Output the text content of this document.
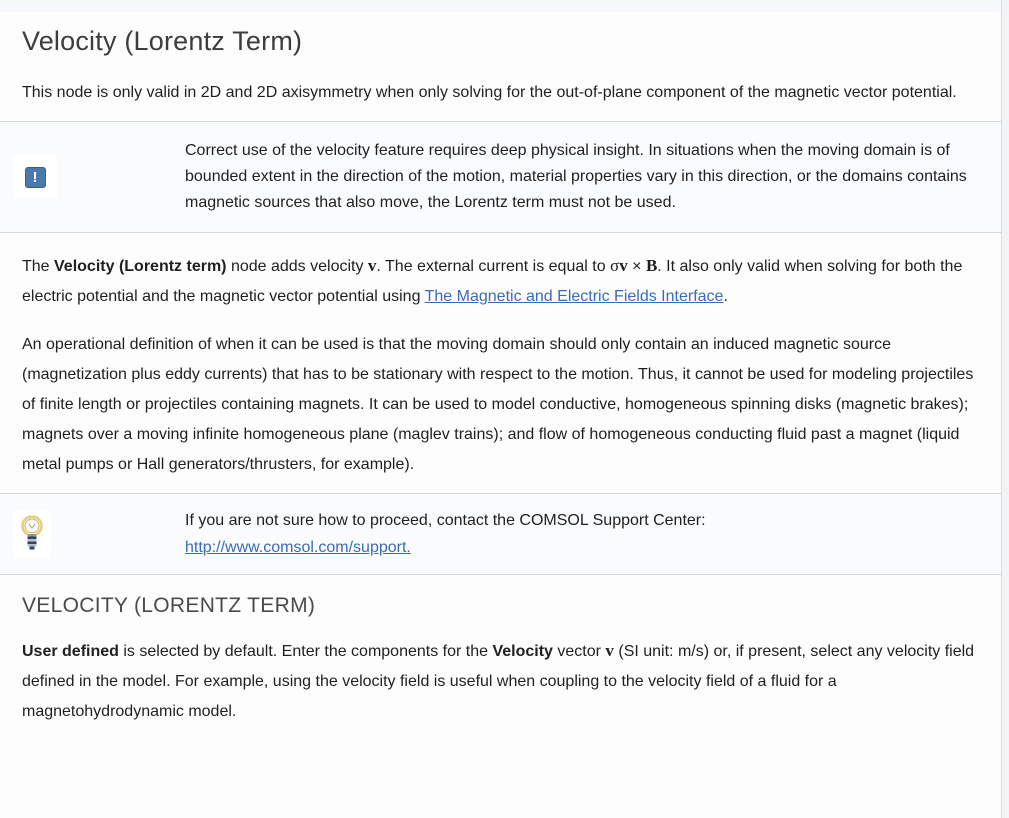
Velocity (Lorentz Term)

This node is only valid in 2D and 2D axisymmetry when only solving for the out-of-plane component of the magnetic vector potential.

!
Correct use of the velocity feature requires deep physical insight. In situations when the moving domain is of bounded extent in the direction of the motion, material properties vary in this direction, or the domains contains magnetic sources that also move, the Lorentz term must not be used.

The Velocity (Lorentz term) node adds velocity v. The external current is equal to σv × B. It also only valid when solving for both the electric potential and the magnetic vector potential using The Magnetic and Electric Fields Interface.

An operational definition of when it can be used is that the moving domain should only contain an induced magnetic source (magnetization plus eddy currents) that has to be stationary with respect to the motion. Thus, it cannot be used for modeling projectiles of finite length or projectiles containing magnets. It can be used to model conductive, homogeneous spinning disks (magnetic brakes); magnets over a moving infinite homogeneous plane (maglev trains); and flow of homogeneous conducting fluid past a magnet (liquid metal pumps or Hall generators/thrusters, for example).

If you are not sure how to proceed, contact the COMSOL Support Center:
http://www.comsol.com/support.
VELOCITY (LORENTZ TERM)

User defined is selected by default. Enter the components for the Velocity vector v (SI unit: m/s) or, if present, select any velocity field defined in the model. For example, using the velocity field is useful when coupling to the velocity field of a fluid for a magnetohydrodynamic model.
